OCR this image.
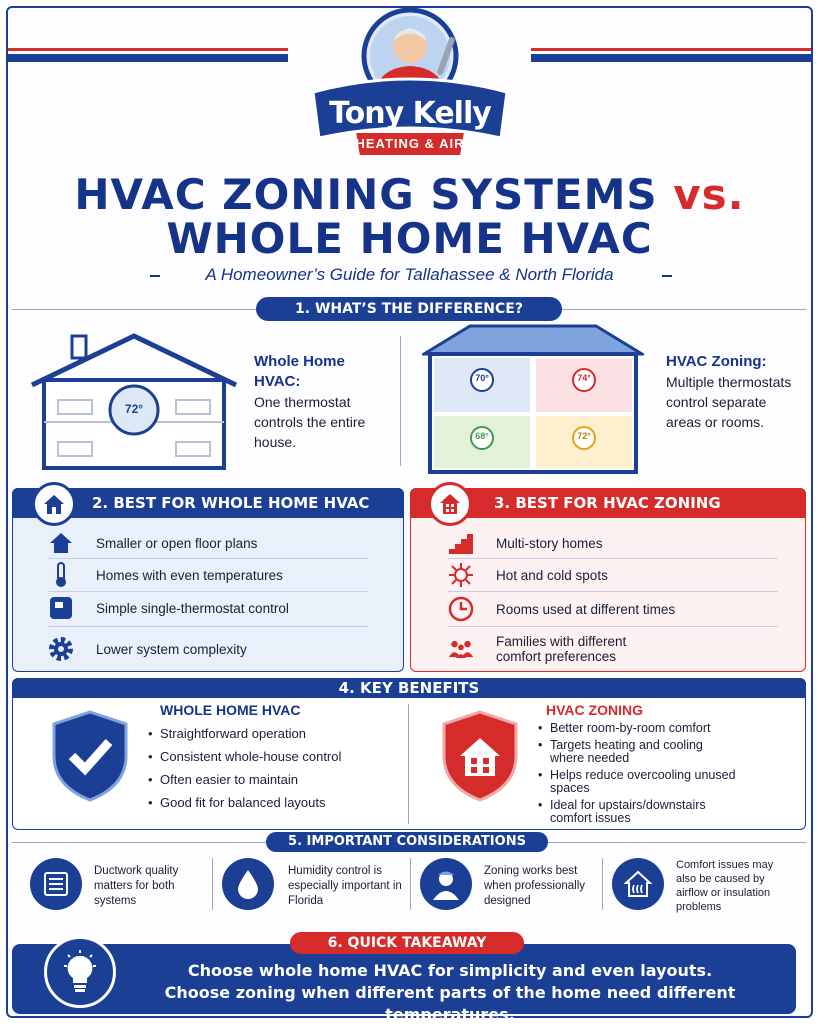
Tony Kelly
HEATING & AIR
HVAC ZONING SYSTEMS vs.
WHOLE HOME HVAC
A Homeowner’s Guide for Tallahassee & North Florida
1. WHAT’S THE DIFFERENCE?
72°
Whole Home HVAC:
One thermostat controls the entire house.
70°	74°
68°	72°
HVAC Zoning:
Multiple thermostats control separate areas or rooms.
2. BEST FOR WHOLE HOME HVAC
Smaller or open floor plans
Homes with even temperatures
Simple single-thermostat control
Lower system complexity
3. BEST FOR HVAC ZONING
Multi-story homes
Hot and cold spots
Rooms used at different times
Families with different comfort preferences
4. KEY BENEFITS
WHOLE HOME HVAC
• Straightforward operation
• Consistent whole-house control
• Often easier to maintain
• Good fit for balanced layouts
HVAC ZONING
• Better room-by-room comfort
• Targets heating and cooling where needed
• Helps reduce overcooling unused spaces
• Ideal for upstairs/downstairs comfort issues
5. IMPORTANT CONSIDERATIONS
Ductwork quality matters for both systems
Humidity control is especially important in Florida
Zoning works best when professionally designed
Comfort issues may also be caused by airflow or insulation problems
6. QUICK TAKEAWAY
Choose whole home HVAC for simplicity and even layouts.
Choose zoning when different parts of the home need different temperatures.
